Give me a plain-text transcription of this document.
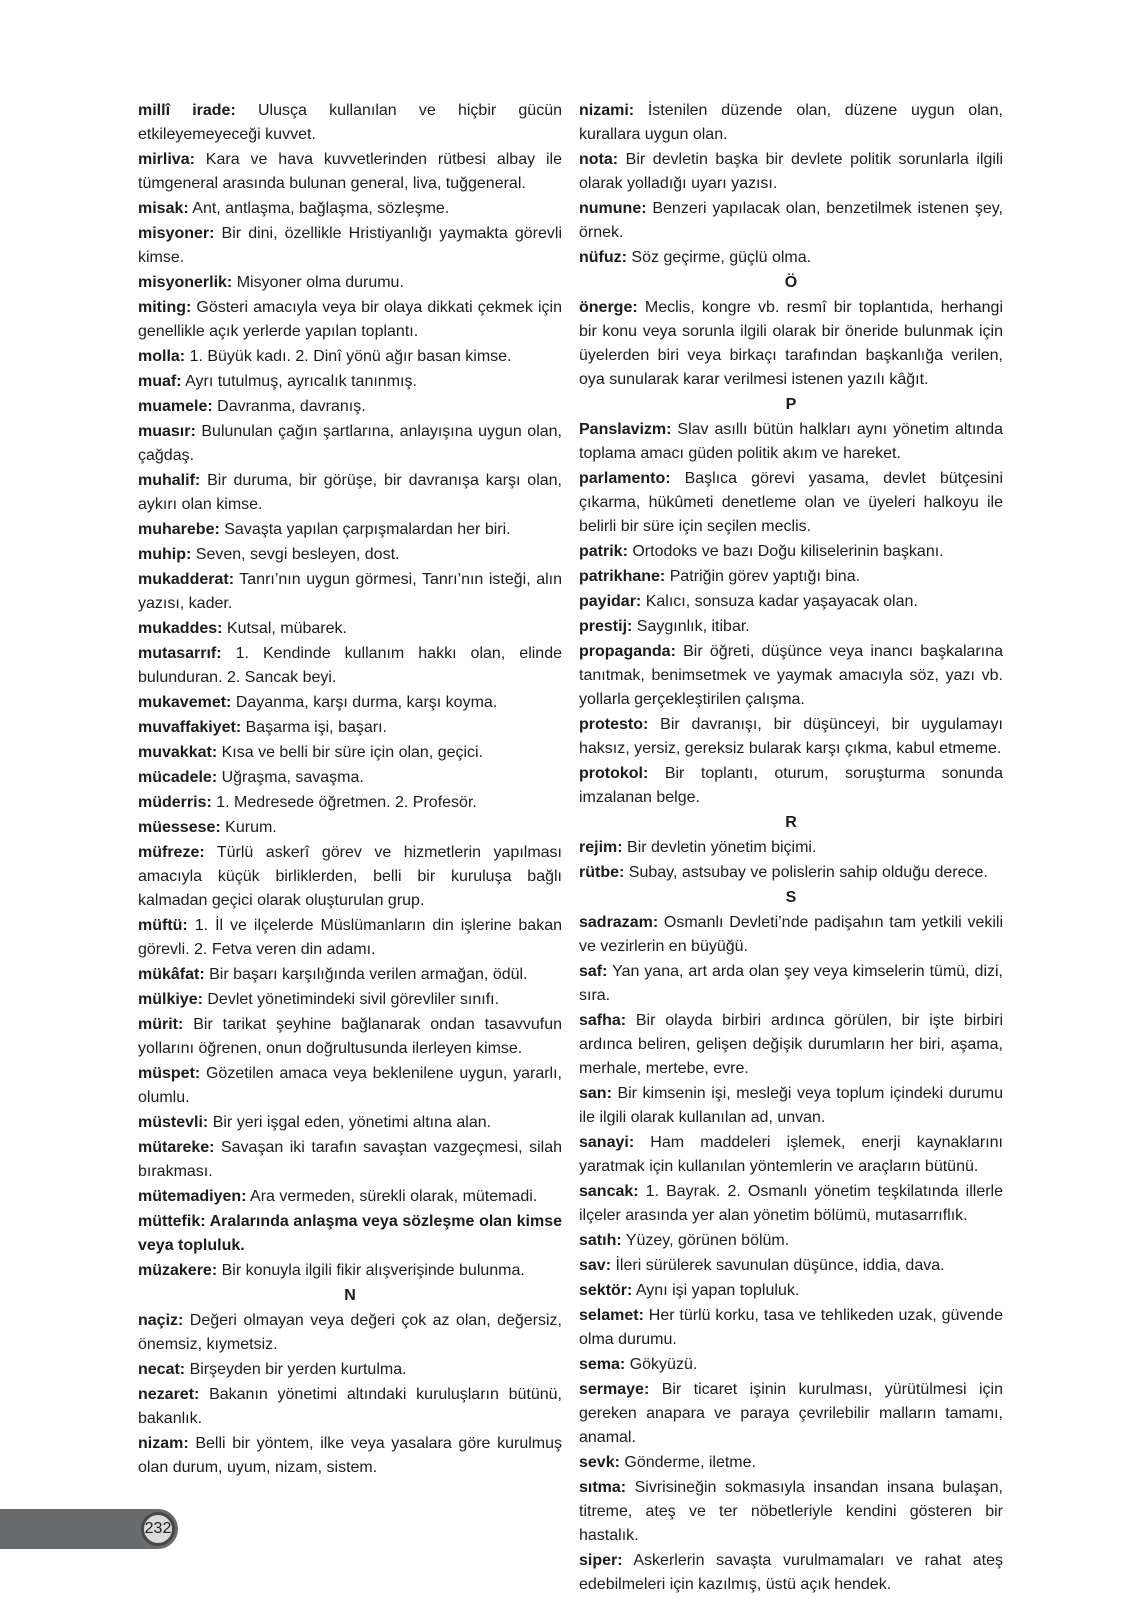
millî irade: Ulusça kullanılan ve hiçbir gücün etkileyemeyeceği kuvvet.

mirliva: Kara ve hava kuvvetlerinden rütbesi albay ile tümgeneral arasında bulunan general, liva, tuğgeneral.

misak: Ant, antlaşma, bağlaşma, sözleşme.

misyoner: Bir dini, özellikle Hristiyanlığı yaymakta görevli kimse.

misyonerlik: Misyoner olma durumu.

miting: Gösteri amacıyla veya bir olaya dikkati çekmek için genellikle açık yerlerde yapılan toplantı.

molla: 1. Büyük kadı. 2. Dinî yönü ağır basan kimse.

muaf: Ayrı tutulmuş, ayrıcalık tanınmış.

muamele: Davranma, davranış.

muasır: Bulunulan çağın şartlarına, anlayışına uygun olan, çağdaş.

muhalif: Bir duruma, bir görüşe, bir davranışa karşı olan, aykırı olan kimse.

muharebe: Savaşta yapılan çarpışmalardan her biri.

muhip: Seven, sevgi besleyen, dost.

mukadderat: Tanrı’nın uygun görmesi, Tanrı’nın isteği, alın yazısı, kader.

mukaddes: Kutsal, mübarek.

mutasarrıf: 1. Kendinde kullanım hakkı olan, elinde bulunduran. 2. Sancak beyi.

mukavemet: Dayanma, karşı durma, karşı koyma.

muvaffakiyet: Başarma işi, başarı.

muvakkat: Kısa ve belli bir süre için olan, geçici.

mücadele: Uğraşma, savaşma.

müderris: 1. Medresede öğretmen. 2. Profesör.

müessese: Kurum.

müfreze: Türlü askerî görev ve hizmetlerin yapılması amacıyla küçük birliklerden, belli bir kuruluşa bağlı kalmadan geçici olarak oluşturulan grup.

müftü: 1. İl ve ilçelerde Müslümanların din işlerine bakan görevli. 2. Fetva veren din adamı.

mükâfat: Bir başarı karşılığında verilen armağan, ödül.

mülkiye: Devlet yönetimindeki sivil görevliler sınıfı.

mürit: Bir tarikat şeyhine bağlanarak ondan tasavvufun yollarını öğrenen, onun doğrultusunda ilerleyen kimse.

müspet: Gözetilen amaca veya beklenilene uygun, yararlı, olumlu.

müstevli: Bir yeri işgal eden, yönetimi altına alan.

mütareke: Savaşan iki tarafın savaştan vazgeçmesi, silah bırakması.

mütemadiyen: Ara vermeden, sürekli olarak, mütemadi.

müttefik: Aralarında anlaşma veya sözleşme olan kimse veya topluluk.

müzakere: Bir konuyla ilgili fikir alışverişinde bulunma.

N

naçiz: Değeri olmayan veya değeri çok az olan, değersiz, önemsiz, kıymetsiz.

necat: Birşeyden bir yerden kurtulma.

nezaret: Bakanın yönetimi altındaki kuruluşların bütünü, bakanlık.

nizam: Belli bir yöntem, ilke veya yasalara göre kurulmuş olan durum, uyum, nizam, sistem.

nizami: İstenilen düzende olan, düzene uygun olan, kurallara uygun olan.

nota: Bir devletin başka bir devlete politik sorunlarla ilgili olarak yolladığı uyarı yazısı.

numune: Benzeri yapılacak olan, benzetilmek istenen şey, örnek.

nüfuz: Söz geçirme, güçlü olma.

Ö

önerge: Meclis, kongre vb. resmî bir toplantıda, herhangi bir konu veya sorunla ilgili olarak bir öneride bulunmak için üyelerden biri veya birkaçı tarafından başkanlığa verilen, oya sunularak karar verilmesi istenen yazılı kâğıt.

P

Panslavizm: Slav asıllı bütün halkları aynı yönetim altında toplama amacı güden politik akım ve hareket.

parlamento: Başlıca görevi yasama, devlet bütçesini çıkarma, hükûmeti denetleme olan ve üyeleri halkoyu ile belirli bir süre için seçilen meclis.

patrik: Ortodoks ve bazı Doğu kiliselerinin başkanı.

patrikhane: Patriğin görev yaptığı bina.

payidar: Kalıcı, sonsuza kadar yaşayacak olan.

prestij: Saygınlık, itibar.

propaganda: Bir öğreti, düşünce veya inancı başkalarına tanıtmak, benimsetmek ve yaymak amacıyla söz, yazı vb. yollarla gerçekleştirilen çalışma.

protesto: Bir davranışı, bir düşünceyi, bir uygulamayı haksız, yersiz, gereksiz bularak karşı çıkma, kabul etmeme.

protokol: Bir toplantı, oturum, soruşturma sonunda imzalanan belge.

R

rejim: Bir devletin yönetim biçimi.

rütbe: Subay, astsubay ve polislerin sahip olduğu derece.

S

sadrazam: Osmanlı Devleti’nde padişahın tam yetkili vekili ve vezirlerin en büyüğü.

saf: Yan yana, art arda olan şey veya kimselerin tümü, dizi, sıra.

safha: Bir olayda birbiri ardınca görülen, bir işte birbiri ardınca beliren, gelişen değişik durumların her biri, aşama, merhale, mertebe, evre.

san: Bir kimsenin işi, mesleği veya toplum içindeki durumu ile ilgili olarak kullanılan ad, unvan.

sanayi: Ham maddeleri işlemek, enerji kaynaklarını yaratmak için kullanılan yöntemlerin ve araçların bütünü.

sancak: 1. Bayrak. 2. Osmanlı yönetim teşkilatında illerle ilçeler arasında yer alan yönetim bölümü, mutasarrıflık.

satıh: Yüzey, görünen bölüm.

sav: İleri sürülerek savunulan düşünce, iddia, dava.

sektör: Aynı işi yapan topluluk.

selamet: Her türlü korku, tasa ve tehlikeden uzak, güvende olma durumu.

sema: Gökyüzü.

sermaye: Bir ticaret işinin kurulması, yürütülmesi için gereken anapara ve paraya çevrilebilir malların tamamı, anamal.

sevk: Gönderme, iletme.

sıtma: Sivrisineğin sokmasıyla insandan insana bulaşan, titreme, ateş ve ter nöbetleriyle kendini gösteren bir hastalık.

siper: Askerlerin savaşta vurulmamaları ve rahat ateş edebilmeleri için kazılmış, üstü açık hendek.

232
